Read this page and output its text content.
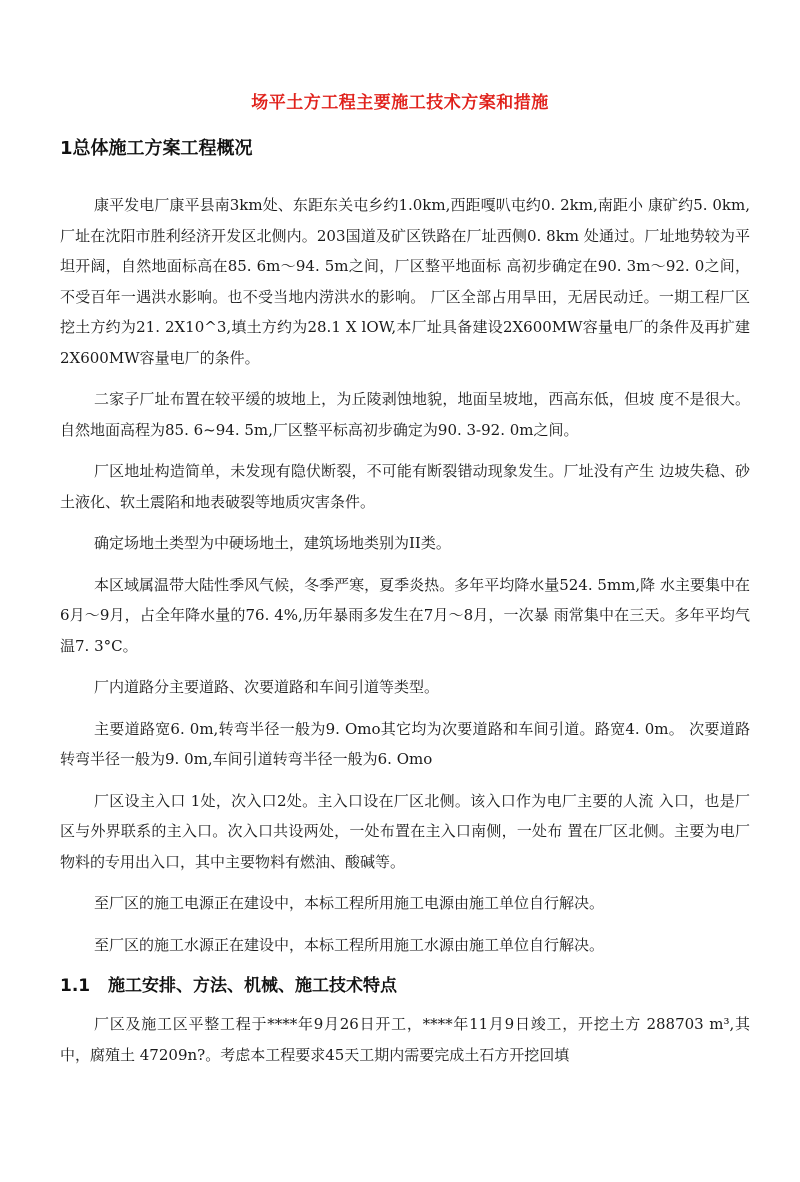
场平土方工程主要施工技术方案和措施
1总体施工方案工程概况

康平发电厂康平县南3km处、东距东关屯乡约1.0km,西距嘎叭屯约0. 2km,南距小 康矿约5. 0km,厂址在沈阳市胜利经济开发区北侧内。203国道及矿区铁路在厂址西侧0. 8km 处通过。厂址地势较为平坦开阔，自然地面标高在85. 6m～94. 5m之间，厂区整平地面标 高初步确定在90. 3m～92. 0之间，不受百年一遇洪水影响。也不受当地内涝洪水的影响。 厂区全部占用旱田，无居民动迁。一期工程厂区挖土方约为21. 2X10^3,填土方约为28.1 X lOW,本厂址具备建设2X600MW容量电厂的条件及再扩建2X600MW容量电厂的条件。

二家子厂址布置在较平缓的坡地上，为丘陵剥蚀地貌，地面呈坡地，西高东低，但坡 度不是很大。自然地面高程为85. 6~94. 5m,厂区整平标高初步确定为90. 3-92. 0m之间。

厂区地址构造简单，未发现有隐伏断裂，不可能有断裂错动现象发生。厂址没有产生 边坡失稳、砂土液化、软土震陷和地表破裂等地质灾害条件。

确定场地土类型为中硬场地土，建筑场地类别为II类。

本区域属温带大陆性季风气候，冬季严寒，夏季炎热。多年平均降水量524. 5mm,降 水主要集中在6月～9月，占全年降水量的76. 4%,历年暴雨多发生在7月～8月，一次暴 雨常集中在三天。多年平均气温7. 3°C。

厂内道路分主要道路、次要道路和车间引道等类型。

主要道路宽6. 0m,转弯半径一般为9. Omo其它均为次要道路和车间引道。路宽4. 0m。 次要道路转弯半径一般为9. 0m,车间引道转弯半径一般为6. Omo

厂区设主入口 1处，次入口2处。主入口设在厂区北侧。该入口作为电厂主要的人流 入口，也是厂区与外界联系的主入口。次入口共设两处，一处布置在主入口南侧，一处布 置在厂区北侧。主要为电厂物料的专用出入口，其中主要物料有燃油、酸碱等。

至厂区的施工电源正在建设中，本标工程所用施工电源由施工单位自行解决。

至厂区的施工水源正在建设中，本标工程所用施工水源由施工单位自行解决。

1.1 施工安排、方法、机械、施工技术特点

厂区及施工区平整工程于****年9月26日开工，****年11月9日竣工，开挖土方 288703 m³,其中，腐殖土 47209n?。考虑本工程要求45天工期内需要完成土石方开挖回填
